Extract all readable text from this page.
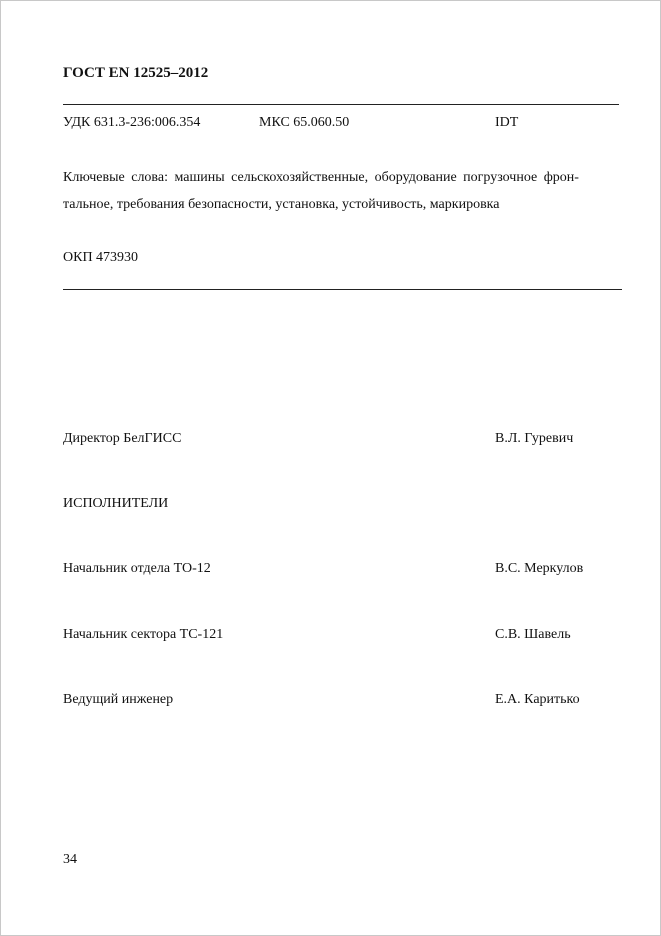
ГОСТ EN 12525–2012
УДК 631.3-236:006.354	МКС 65.060.50	IDT
Ключевые слова: машины сельскохозяйственные, оборудование погрузочное фрон-
тальное, требования безопасности, установка, устойчивость, маркировка
ОКП 473930
Директор БелГИСС	В.Л. Гуревич
ИСПОЛНИТЕЛИ
Начальник отдела ТО-12	В.С. Меркулов
Начальник сектора ТС-121	С.В. Шавель
Ведущий инженер	Е.А. Каритько
34
